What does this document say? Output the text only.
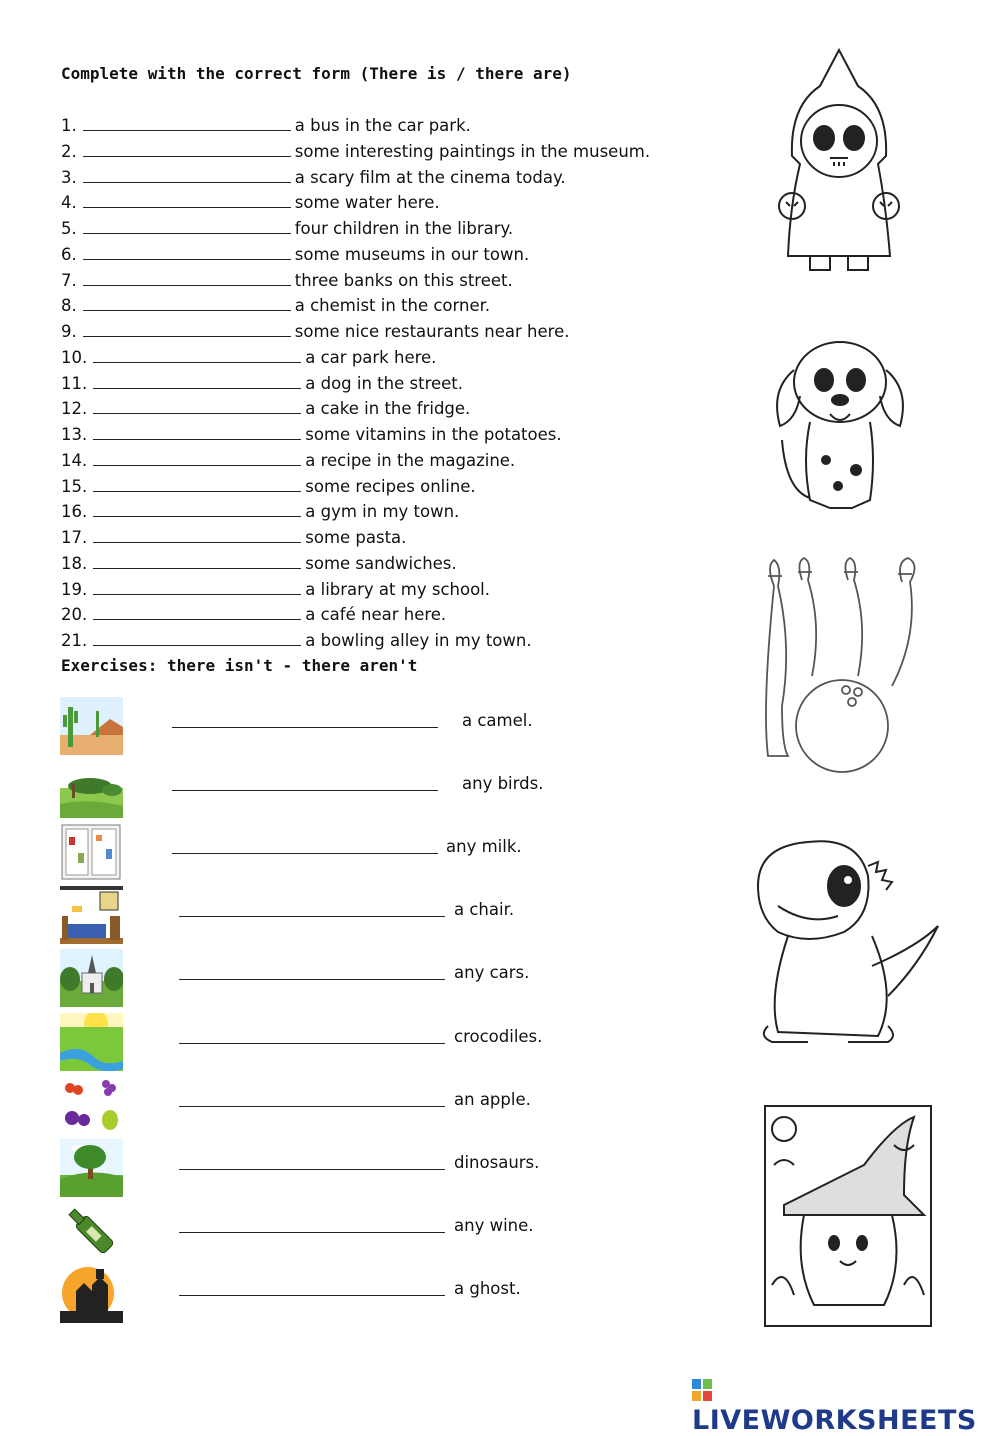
Complete with the correct form (There is / there are)
1.	a bus in the car park.
2.	some interesting paintings in the museum.
3.	a scary film at the cinema today.
4.	some water here.
5.	four children in the library.
6.	some museums in our town.
7.	three banks on this street.
8.	a chemist in the corner.
9.	some nice restaurants near here.
10.	a car park here.
11.	a dog in the street.
12.	a cake in the fridge.
13.	some vitamins in the potatoes.
14.	a recipe in the magazine.
15.	some recipes online.
16.	a gym in my town.
17.	some pasta.
18.	some sandwiches.
19.	a library at my school.
20.	a café near here.
21.	a bowling alley in my town.
Exercises: there isn't - there aren't
a camel.
any birds.
any milk.
a chair.
any cars.
crocodiles.
an apple.
dinosaurs.
any wine.
a ghost.
LIVEWORKSHEETS
